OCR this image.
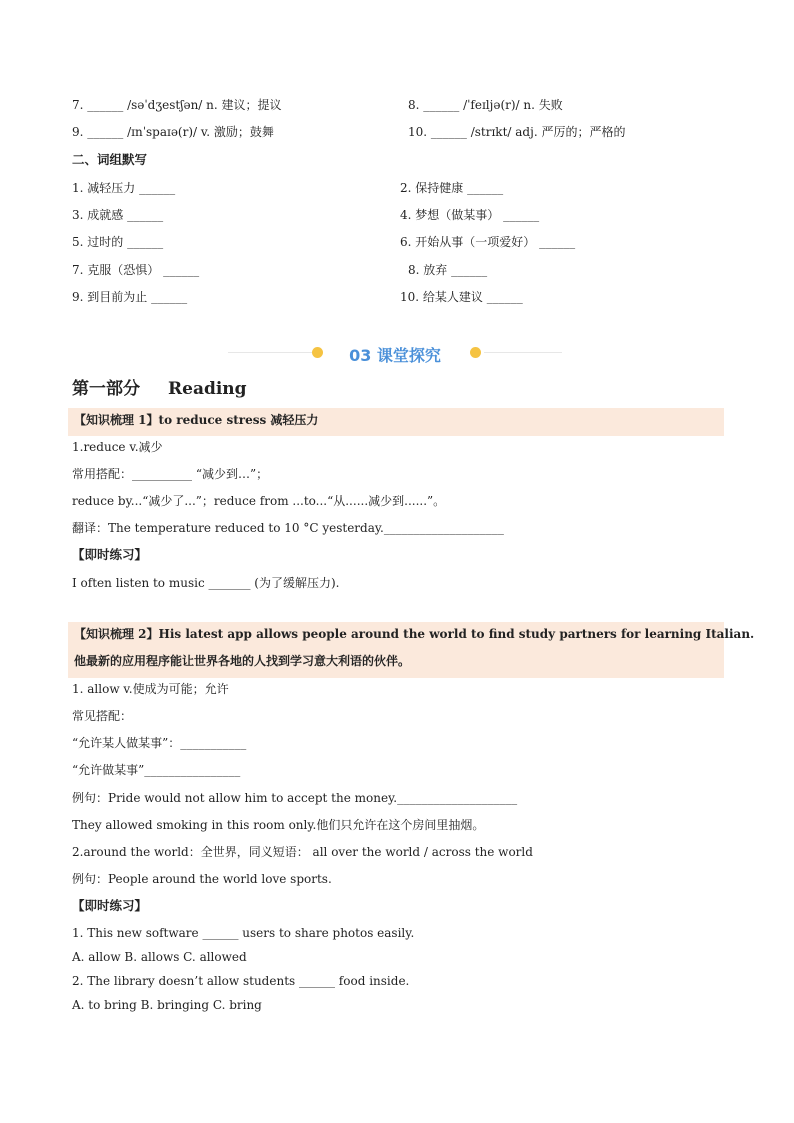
7. ______ /səˈdʒestʃən/ n. 建议；提议	8. ______ /ˈfeɪljə(r)/ n. 失败
9. ______ /ɪnˈspaɪə(r)/ v. 激励；鼓舞	10. ______ /strɪkt/ adj. 严厉的；严格的
二、词组默写
1. 减轻压力 ______	2. 保持健康 ______
3. 成就感 ______	4. 梦想（做某事） ______
5. 过时的 ______	6. 开始从事（一项爱好） ______
7. 克服（恐惧） ______	8. 放弃 ______
9. 到目前为止 ______	10. 给某人建议 ______
03 课堂探究
第一部分 Reading
【知识梳理 1】to reduce stress 减轻压力
1.reduce v.减少
常用搭配：__________ “减少到…”；
reduce by...“减少了...”；reduce from ...to...“从......减少到......”。
翻译：The temperature reduced to 10 °C yesterday.____________________
【即时练习】
I often listen to music _______ (为了缓解压力).
【知识梳理 2】His latest app allows people around the world to find study partners for learning Italian.
他最新的应用程序能让世界各地的人找到学习意大利语的伙伴。
1. allow v.使成为可能；允许
常见搭配：
“允许某人做某事”：___________
“允许做某事”________________
例句：Pride would not allow him to accept the money.____________________
They allowed smoking in this room only.他们只允许在这个房间里抽烟。
2.around the world：全世界，同义短语： all over the world / across the world
例句：People around the world love sports.
【即时练习】
1. This new software ______ users to share photos easily.
A. allow B. allows C. allowed
2. The library doesn’t allow students ______ food inside.
A. to bring B. bringing C. bring
